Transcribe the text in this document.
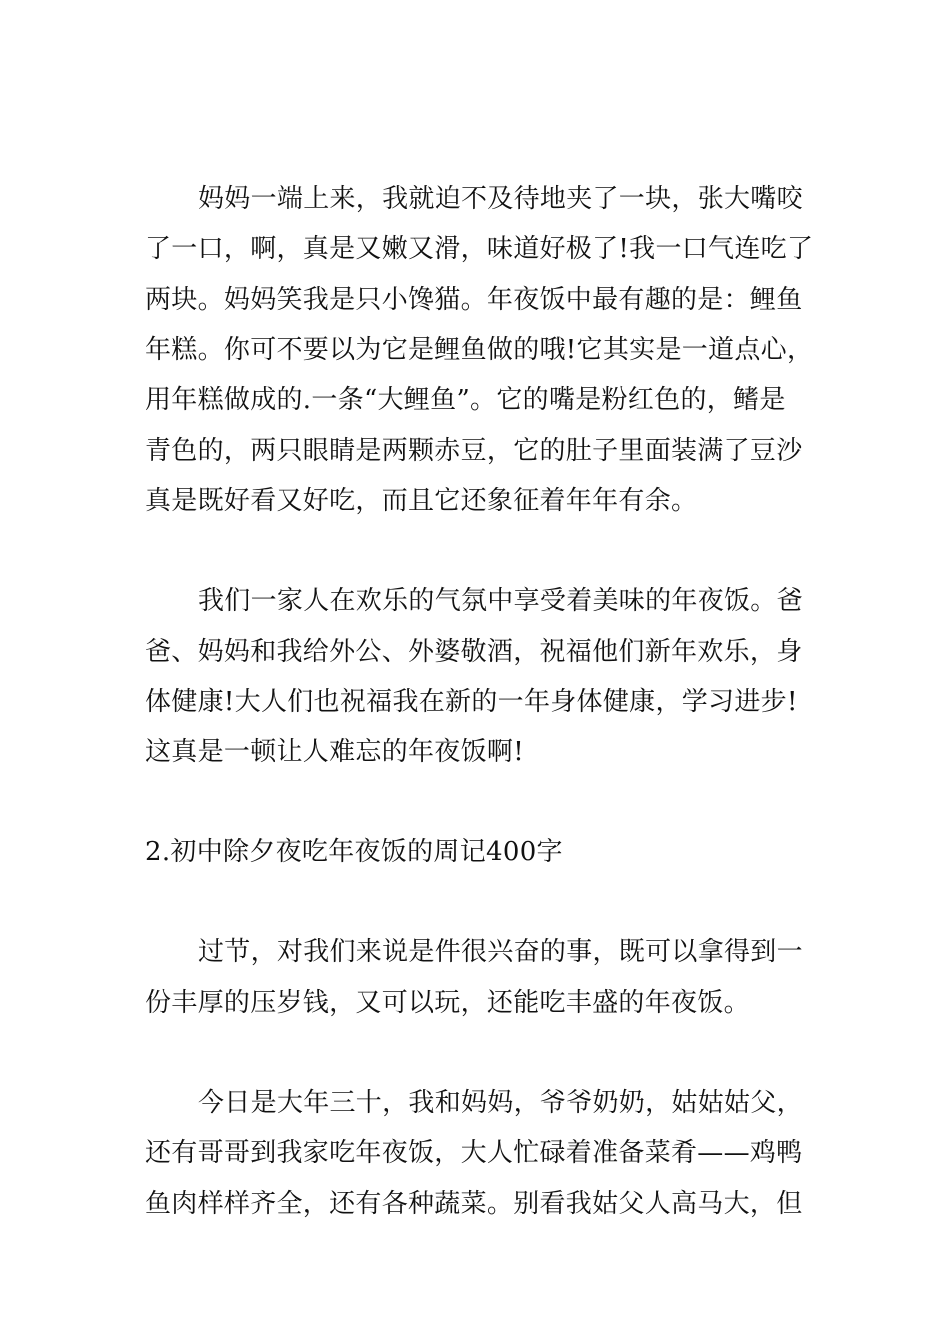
妈妈一端上来，我就迫不及待地夹了一块，张大嘴咬
了一口，啊，真是又嫩又滑，味道好极了!我一口气连吃了
两块。妈妈笑我是只小馋猫。年夜饭中最有趣的是：鲤鱼
年糕。你可不要以为它是鲤鱼做的哦!它其实是一道点心，
用年糕做成的.一条“大鲤鱼”。它的嘴是粉红色的，鳍是
青色的，两只眼睛是两颗赤豆，它的肚子里面装满了豆沙
真是既好看又好吃，而且它还象征着年年有余。
我们一家人在欢乐的气氛中享受着美味的年夜饭。爸
爸、妈妈和我给外公、外婆敬酒，祝福他们新年欢乐，身
体健康!大人们也祝福我在新的一年身体健康，学习进步!
这真是一顿让人难忘的年夜饭啊!
2.初中除夕夜吃年夜饭的周记400字
过节，对我们来说是件很兴奋的事，既可以拿得到一
份丰厚的压岁钱，又可以玩，还能吃丰盛的年夜饭。
今日是大年三十，我和妈妈，爷爷奶奶，姑姑姑父，
还有哥哥到我家吃年夜饭，大人忙碌着准备菜肴——鸡鸭
鱼肉样样齐全，还有各种蔬菜。别看我姑父人高马大，但
